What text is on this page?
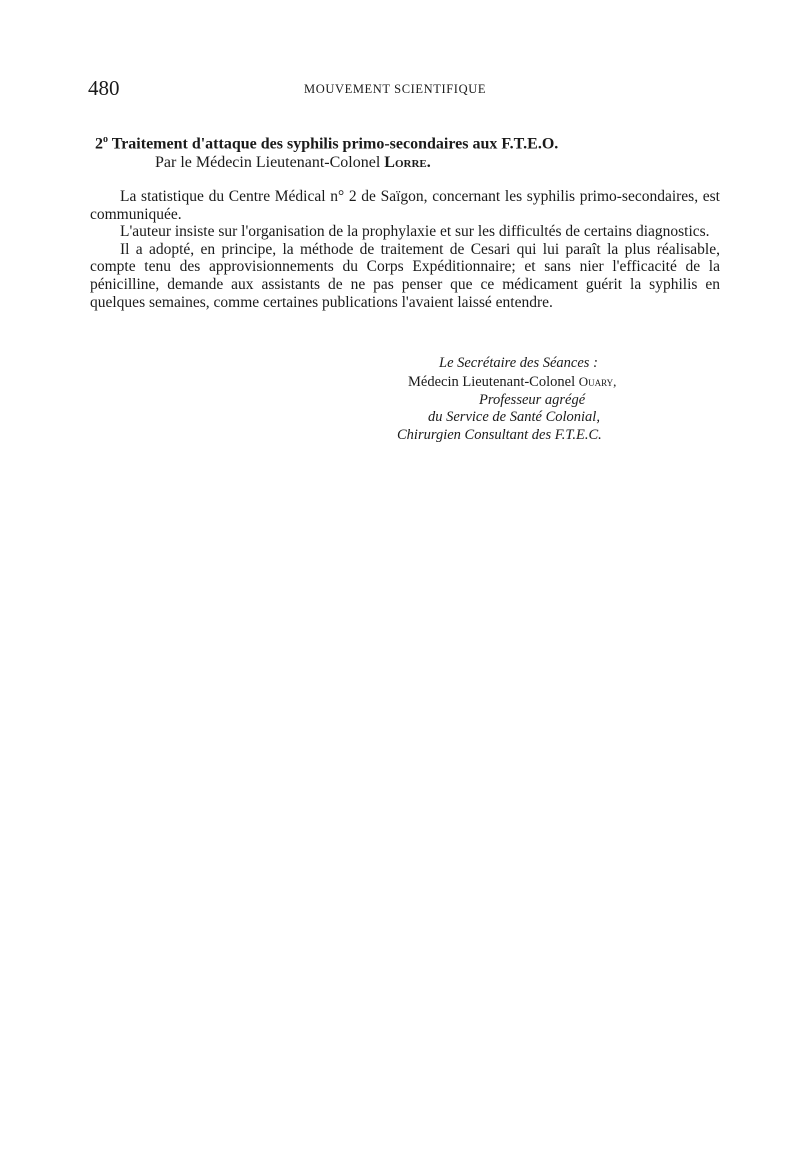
480	MOUVEMENT SCIENTIFIQUE
2$^o$ Traitement d'attaque des syphilis primo-secondaires aux F.T.E.O.
Par le Médecin Lieutenant-Colonel Lorre.

La statistique du Centre Médical n° 2 de Saïgon, concernant les syphilis primo-secondaires, est communiquée.

L'auteur insiste sur l'organisation de la prophylaxie et sur les difficultés de certains diagnostics.

Il a adopté, en principe, la méthode de traitement de Cesari qui lui paraît la plus réalisable, compte tenu des approvisionnements du Corps Expéditionnaire; et sans nier l'efficacité de la pénicilline, demande aux assistants de ne pas penser que ce médicament guérit la syphilis en quelques semaines, comme certaines publications l'avaient laissé entendre.

Le Secrétaire des Séances :
Médecin Lieutenant-Colonel Ouary,
Professeur agrégé
du Service de Santé Colonial,
Chirurgien Consultant des F.T.E.C.
